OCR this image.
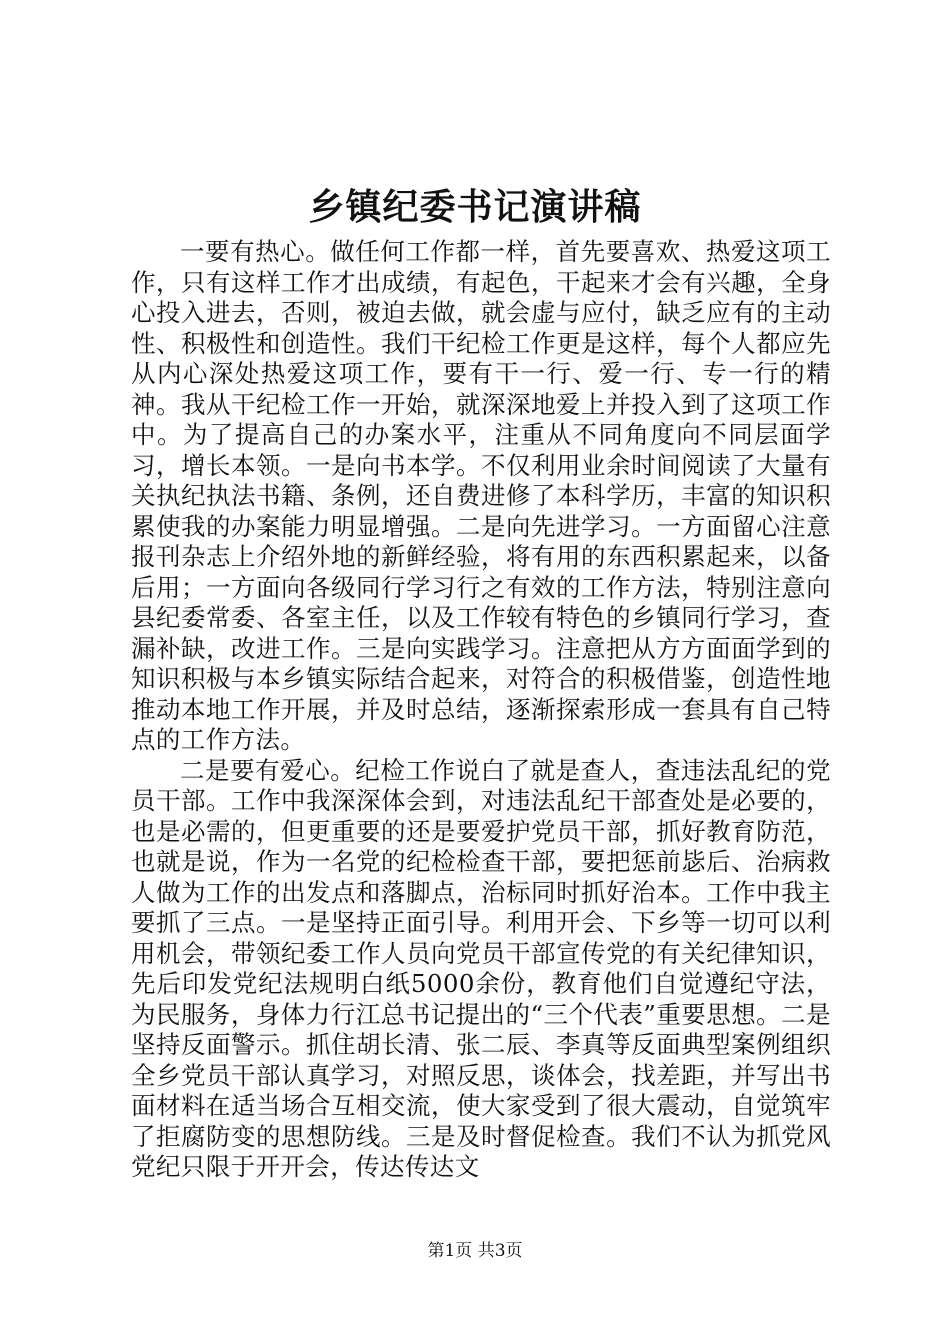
乡镇纪委书记演讲稿

一要有热心。做任何工作都一样，首先要喜欢、热爱这项工作，只有这样工作才出成绩，有起色，干起来才会有兴趣，全身心投入进去，否则，被迫去做，就会虚与应付，缺乏应有的主动性、积极性和创造性。我们干纪检工作更是这样，每个人都应先从内心深处热爱这项工作，要有干一行、爱一行、专一行的精神。我从干纪检工作一开始，就深深地爱上并投入到了这项工作中。为了提高自己的办案水平，注重从不同角度向不同层面学习，增长本领。一是向书本学。不仅利用业余时间阅读了大量有关执纪执法书籍、条例，还自费进修了本科学历，丰富的知识积累使我的办案能力明显增强。二是向先进学习。一方面留心注意报刊杂志上介绍外地的新鲜经验，将有用的东西积累起来，以备后用；一方面向各级同行学习行之有效的工作方法，特别注意向县纪委常委、各室主任，以及工作较有特色的乡镇同行学习，查漏补缺，改进工作。三是向实践学习。注意把从方方面面学到的知识积极与本乡镇实际结合起来，对符合的积极借鉴，创造性地推动本地工作开展，并及时总结，逐渐探索形成一套具有自己特点的工作方法。

二是要有爱心。纪检工作说白了就是查人，查违法乱纪的党员干部。工作中我深深体会到，对违法乱纪干部查处是必要的，也是必需的，但更重要的还是要爱护党员干部，抓好教育防范，也就是说，作为一名党的纪检检查干部，要把惩前毖后、治病救人做为工作的出发点和落脚点，治标同时抓好治本。工作中我主要抓了三点。一是坚持正面引导。利用开会、下乡等一切可以利用机会，带领纪委工作人员向党员干部宣传党的有关纪律知识，先后印发党纪法规明白纸5000余份，教育他们自觉遵纪守法，为民服务，身体力行江总书记提出的“三个代表”重要思想。二是坚持反面警示。抓住胡长清、张二辰、李真等反面典型案例组织全乡党员干部认真学习，对照反思，谈体会，找差距，并写出书面材料在适当场合互相交流，使大家受到了很大震动，自觉筑牢了拒腐防变的思想防线。三是及时督促检查。我们不认为抓党风党纪只限于开开会，传达传达文

第1页 共3页
